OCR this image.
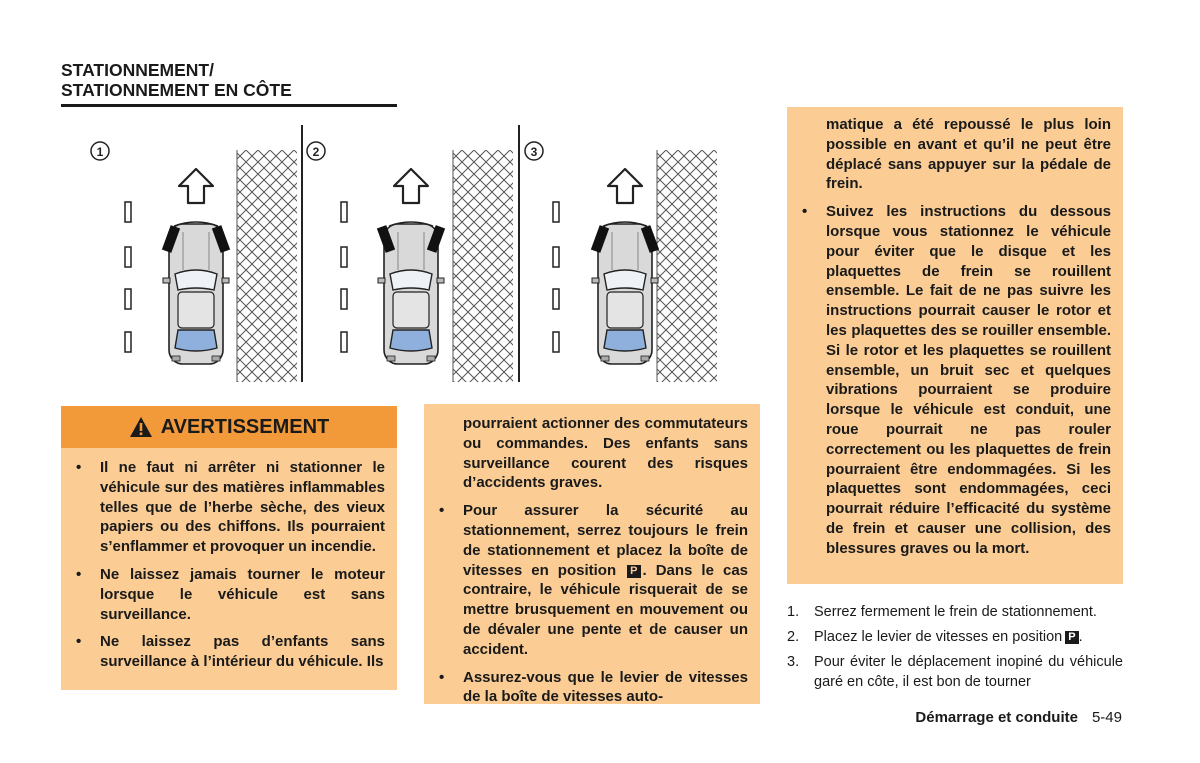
STATIONNEMENT/
STATIONNEMENT EN CÔTE
1	2	3
AVERTISSEMENT

• Il ne faut ni arrêter ni stationner le véhicule sur des matières inflammables telles que de l’herbe sèche, des vieux papiers ou des chiffons. Ils pourraient s’enflammer et provoquer un incendie.

• Ne laissez jamais tourner le moteur lorsque le véhicule est sans surveillance.

• Ne laissez pas d’enfants sans surveillance à l’intérieur du véhicule. Ils

pourraient actionner des commutateurs ou commandes. Des enfants sans surveillance courent des risques d’accidents graves.

• Pour assurer la sécurité au stationnement, serrez toujours le frein de stationnement et placez la boîte de vitesses en position P . Dans le cas contraire, le véhicule risquerait de se mettre brusquement en mouvement ou de dévaler une pente et de causer un accident.

• Assurez-vous que le levier de vitesses de la boîte de vitesses auto-

matique a été repoussé le plus loin possible en avant et qu’il ne peut être déplacé sans appuyer sur la pédale de frein.

• Suivez les instructions du dessous lorsque vous stationnez le véhicule pour éviter que le disque et les plaquettes de frein se rouillent ensemble. Le fait de ne pas suivre les instructions pourrait causer le rotor et les plaquettes des se rouiller ensemble. Si le rotor et les plaquettes se rouillent ensemble, un bruit sec et quelques vibrations pourraient se produire lorsque le véhicule est conduit, une roue pourrait ne pas rouler correctement ou les plaquettes de frein pourraient être endommagées. Si les plaquettes sont endommagées, ceci pourrait réduire l’efficacité du système de frein et causer une collision, des blessures graves ou la mort.

1. Serrez fermement le frein de stationnement.
2. Placez le levier de vitesses en position P .
3. Pour éviter le déplacement inopiné du véhicule garé en côte, il est bon de tourner
Démarrage et conduite 5-49
